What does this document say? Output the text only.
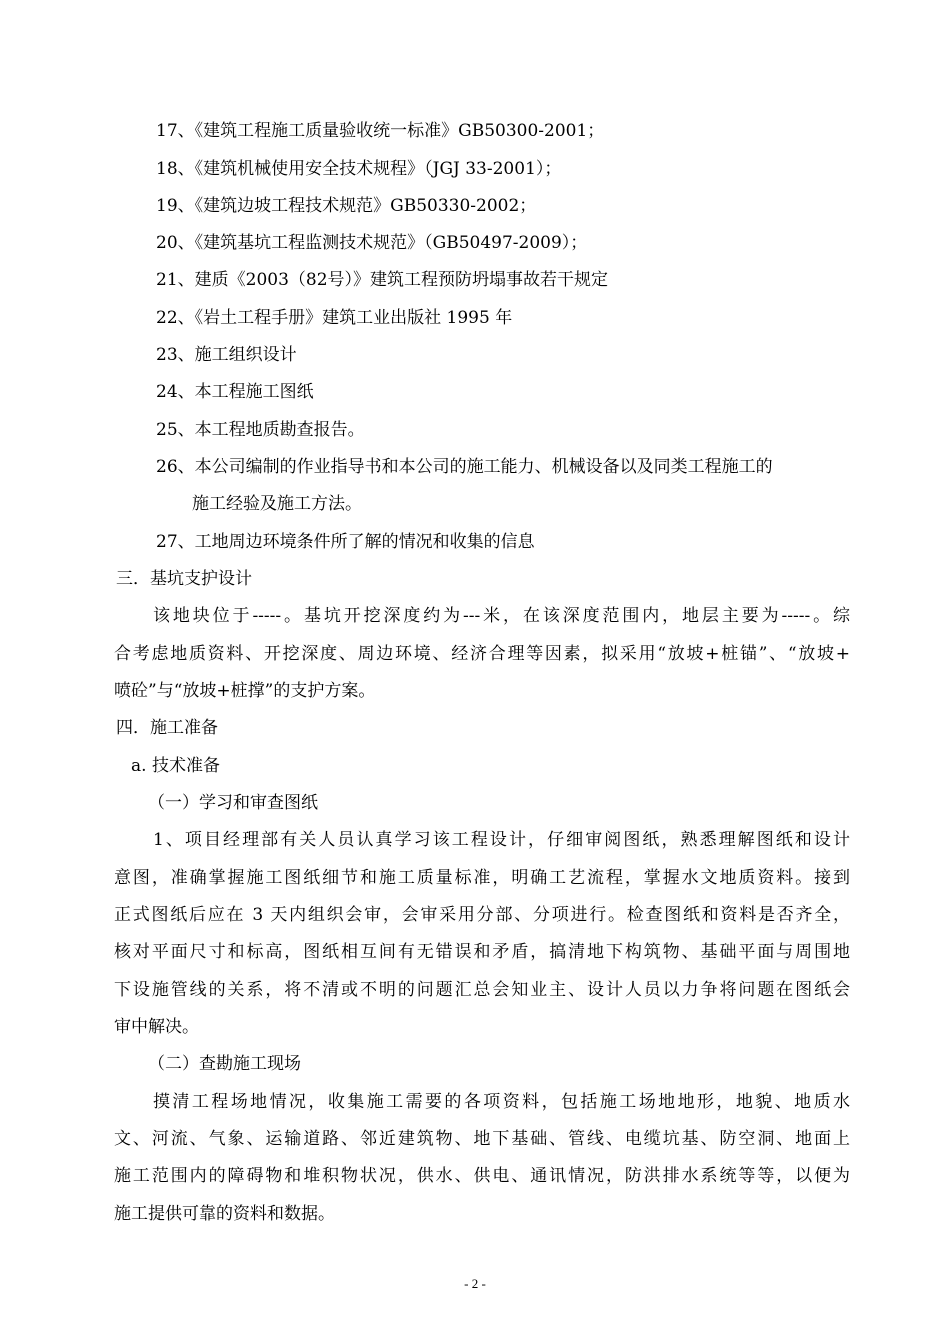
17、《建筑工程施工质量验收统一标准》GB50300-2001；

18、《建筑机械使用安全技术规程》（JGJ 33-2001）；

19、《建筑边坡工程技术规范》GB50330-2002；

20、《建筑基坑工程监测技术规范》（GB50497-2009）；

21、建质《2003（82号）》建筑工程预防坍塌事故若干规定

22、《岩土工程手册》建筑工业出版社 1995 年

23、施工组织设计

24、本工程施工图纸

25、本工程地质勘查报告。

26、本公司编制的作业指导书和本公司的施工能力、机械设备以及同类工程施工的

施工经验及施工方法。

27、工地周边环境条件所了解的情况和收集的信息

三．基坑支护设计

该地块位于-----。基坑开挖深度约为---米，在该深度范围内，地层主要为-----。综

合考虑地质资料、开挖深度、周边环境、经济合理等因素，拟采用“放坡+桩锚”、“放坡+

喷砼”与“放坡+桩撑”的支护方案。

四．施工准备

a. 技术准备

（一）学习和审查图纸

1、项目经理部有关人员认真学习该工程设计，仔细审阅图纸，熟悉理解图纸和设计

意图，准确掌握施工图纸细节和施工质量标准，明确工艺流程，掌握水文地质资料。接到

正式图纸后应在 3 天内组织会审，会审采用分部、分项进行。检查图纸和资料是否齐全，

核对平面尺寸和标高，图纸相互间有无错误和矛盾，搞清地下构筑物、基础平面与周围地

下设施管线的关系，将不清或不明的问题汇总会知业主、设计人员以力争将问题在图纸会

审中解决。

（二）查勘施工现场

摸清工程场地情况，收集施工需要的各项资料，包括施工场地地形，地貌、地质水

文、河流、气象、运输道路、邻近建筑物、地下基础、管线、电缆坑基、防空洞、地面上

施工范围内的障碍物和堆积物状况，供水、供电、通讯情况，防洪排水系统等等，以便为

施工提供可靠的资料和数据。

- 2 -
